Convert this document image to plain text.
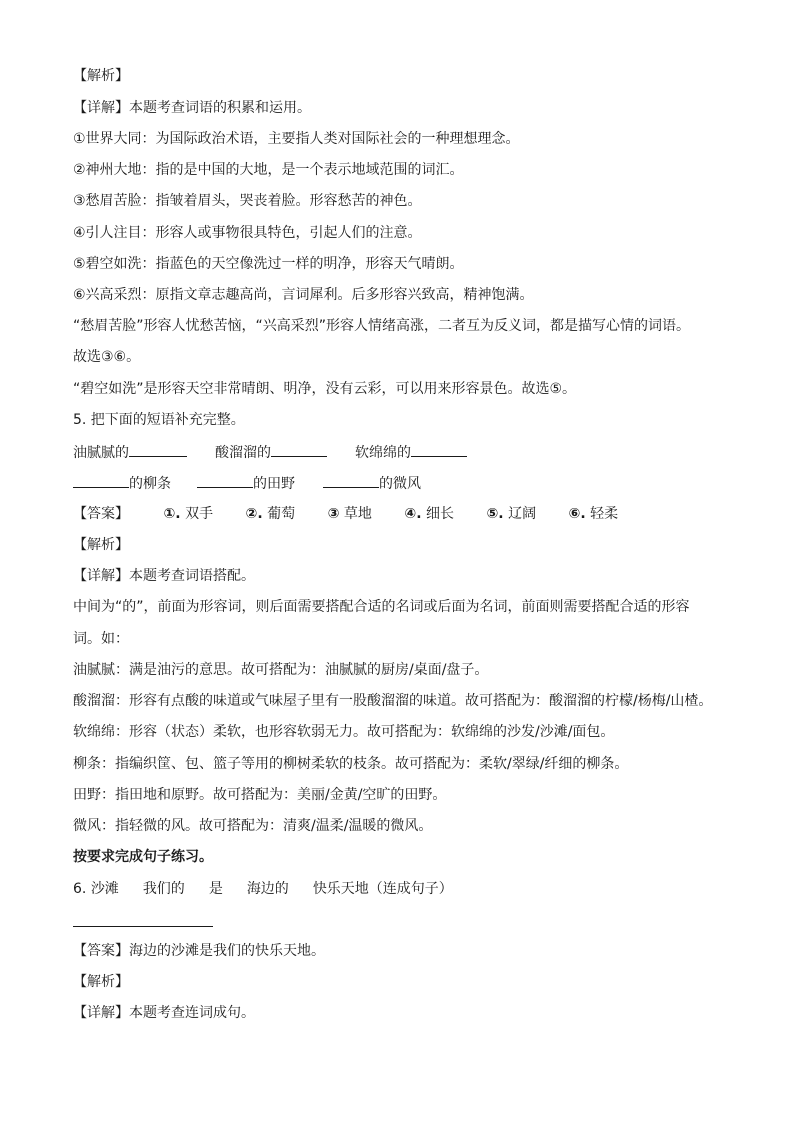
【解析】
【详解】本题考查词语的积累和运用。
①世界大同：为国际政治术语，主要指人类对国际社会的一种理想理念。
②神州大地：指的是中国的大地，是一个表示地域范围的词汇。
③愁眉苦脸：指皱着眉头，哭丧着脸。形容愁苦的神色。
④引人注目：形容人或事物很具特色，引起人们的注意。
⑤碧空如洗：指蓝色的天空像洗过一样的明净，形容天气晴朗。
⑥兴高采烈：原指文章志趣高尚，言词犀利。后多形容兴致高，精神饱满。
“愁眉苦脸”形容人忧愁苦恼，“兴高采烈”形容人情绪高涨，二者互为反义词，都是描写心情的词语。
故选③⑥。
“碧空如洗”是形容天空非常晴朗、明净，没有云彩，可以用来形容景色。故选⑤。
5. 把下面的短语补充完整。
油腻腻的	酸溜溜的	软绵绵的
的柳条	的田野	的微风
【答案】 ①. 双手 ②. 葡萄 ③ 草地 ④. 细长 ⑤. 辽阔 ⑥. 轻柔
【解析】
【详解】本题考查词语搭配。
中间为“的”，前面为形容词，则后面需要搭配合适的名词或后面为名词，前面则需要搭配合适的形容
词。如：
油腻腻：满是油污的意思。故可搭配为：油腻腻的厨房/桌面/盘子。
酸溜溜：形容有点酸的味道或气味屋子里有一股酸溜溜的味道。故可搭配为：酸溜溜的柠檬/杨梅/山楂。
软绵绵：形容（状态）柔软，也形容软弱无力。故可搭配为：软绵绵的沙发/沙滩/面包。
柳条：指编织筐、包、篮子等用的柳树柔软的枝条。故可搭配为：柔软/翠绿/纤细的柳条。
田野：指田地和原野。故可搭配为：美丽/金黄/空旷的田野。
微风：指轻微的风。故可搭配为：清爽/温柔/温暖的微风。
按要求完成句子练习。
6. 沙滩 我们的 是 海边的 快乐天地（连成句子）
【答案】海边的沙滩是我们的快乐天地。
【解析】
【详解】本题考查连词成句。
